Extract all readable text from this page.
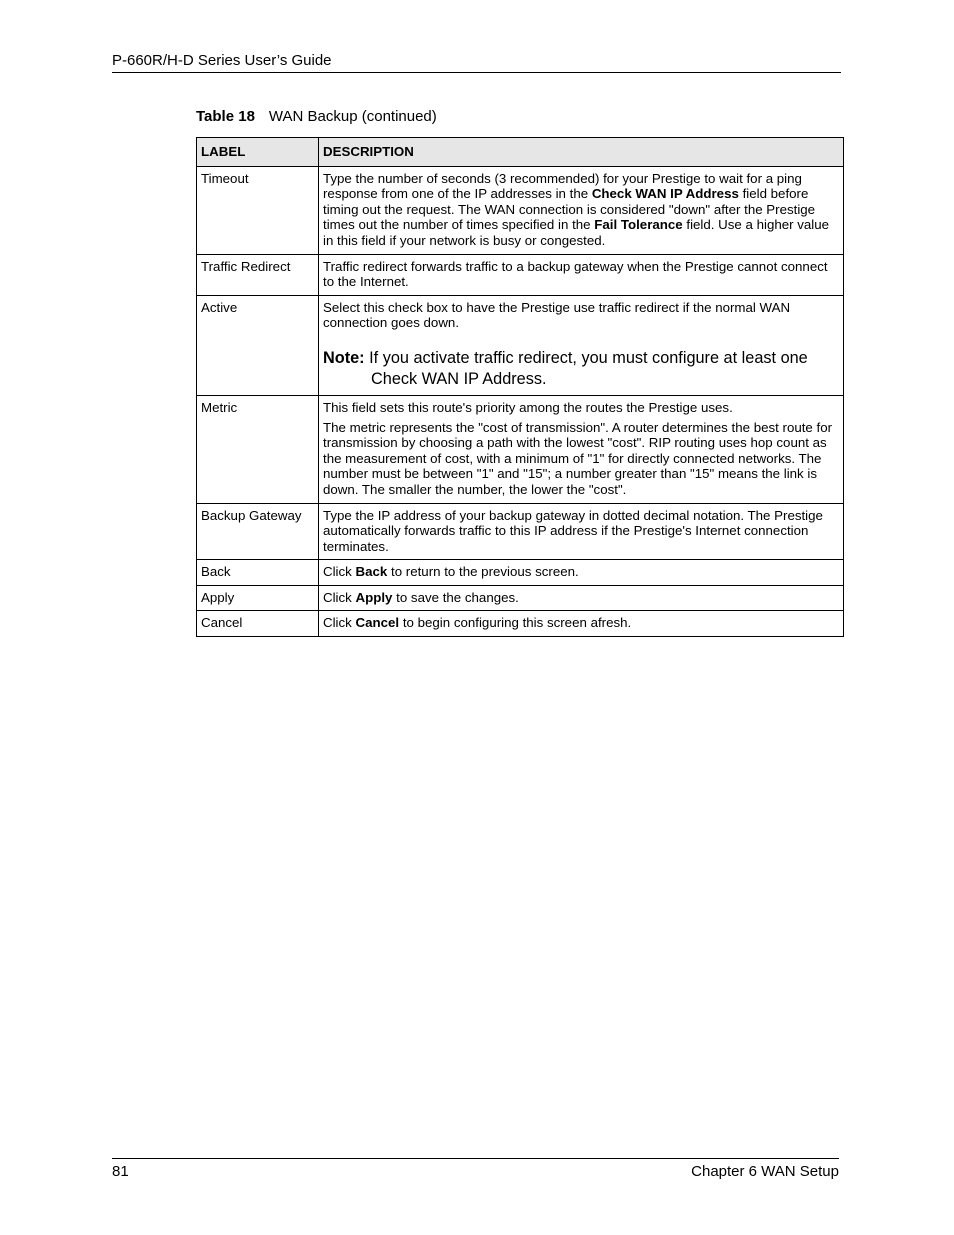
P-660R/H-D Series User’s Guide
Table 18 WAN Backup (continued)
LABEL	DESCRIPTION
Timeout	Type the number of seconds (3 recommended) for your Prestige to wait for a ping response from one of the IP addresses in the Check WAN IP Address field before timing out the request. The WAN connection is considered "down" after the Prestige times out the number of times specified in the Fail Tolerance field. Use a higher value in this field if your network is busy or congested.

Traffic Redirect	Traffic redirect forwards traffic to a backup gateway when the Prestige cannot connect to the Internet.

Active	Select this check box to have the Prestige use traffic redirect if the normal WAN connection goes down.

Note: If you activate traffic redirect, you must configure at least one Check WAN IP Address.

Metric	This field sets this route's priority among the routes the Prestige uses.

The metric represents the "cost of transmission". A router determines the best route for transmission by choosing a path with the lowest "cost". RIP routing uses hop count as the measurement of cost, with a minimum of "1" for directly connected networks. The number must be between "1" and "15"; a number greater than "15" means the link is down. The smaller the number, the lower the "cost".

Backup Gateway	Type the IP address of your backup gateway in dotted decimal notation. The Prestige automatically forwards traffic to this IP address if the Prestige's Internet connection terminates.

Back	Click Back to return to the previous screen.

Apply	Click Apply to save the changes.

Cancel	Click Cancel to begin configuring this screen afresh.

81	Chapter 6 WAN Setup
